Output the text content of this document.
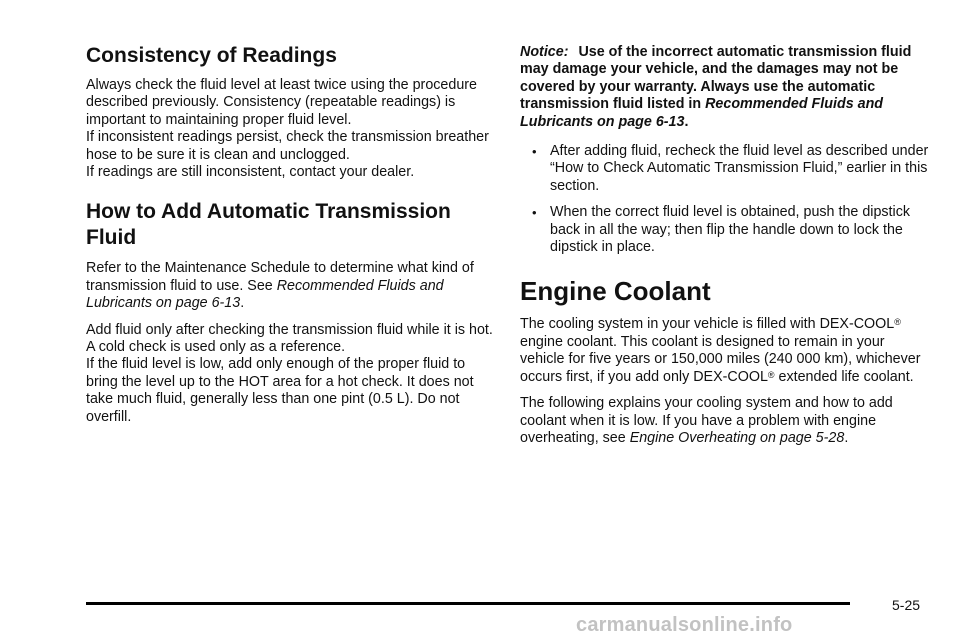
Consistency of Readings

Always check the fluid level at least twice using the procedure described previously. Consistency (repeatable readings) is important to maintaining proper fluid level.

If inconsistent readings persist, check the transmission breather hose to be sure it is clean and unclogged.

If readings are still inconsistent, contact your dealer.

How to Add Automatic Transmission Fluid

Refer to the Maintenance Schedule to determine what kind of transmission fluid to use. See Recommended Fluids and Lubricants on page 6-13.

Add fluid only after checking the transmission fluid while it is hot. A cold check is used only as a reference.

If the fluid level is low, add only enough of the proper fluid to bring the level up to the HOT area for a hot check. It does not take much fluid, generally less than one pint (0.5 L). Do not overfill.

Notice: Use of the incorrect automatic transmission fluid may damage your vehicle, and the damages may not be covered by your warranty. Always use the automatic transmission fluid listed in Recommended Fluids and Lubricants on page 6-13.

• After adding fluid, recheck the fluid level as described under “How to Check Automatic Transmission Fluid,” earlier in this section.
• When the correct fluid level is obtained, push the dipstick back in all the way; then flip the handle down to lock the dipstick in place.
Engine Coolant

The cooling system in your vehicle is filled with DEX-COOL® engine coolant. This coolant is designed to remain in your vehicle for five years or 150,000 miles (240 000 km), whichever occurs first, if you add only DEX-COOL® extended life coolant.

The following explains your cooling system and how to add coolant when it is low. If you have a problem with engine overheating, see Engine Overheating on page 5-28.

5-25
carmanualsonline.info
